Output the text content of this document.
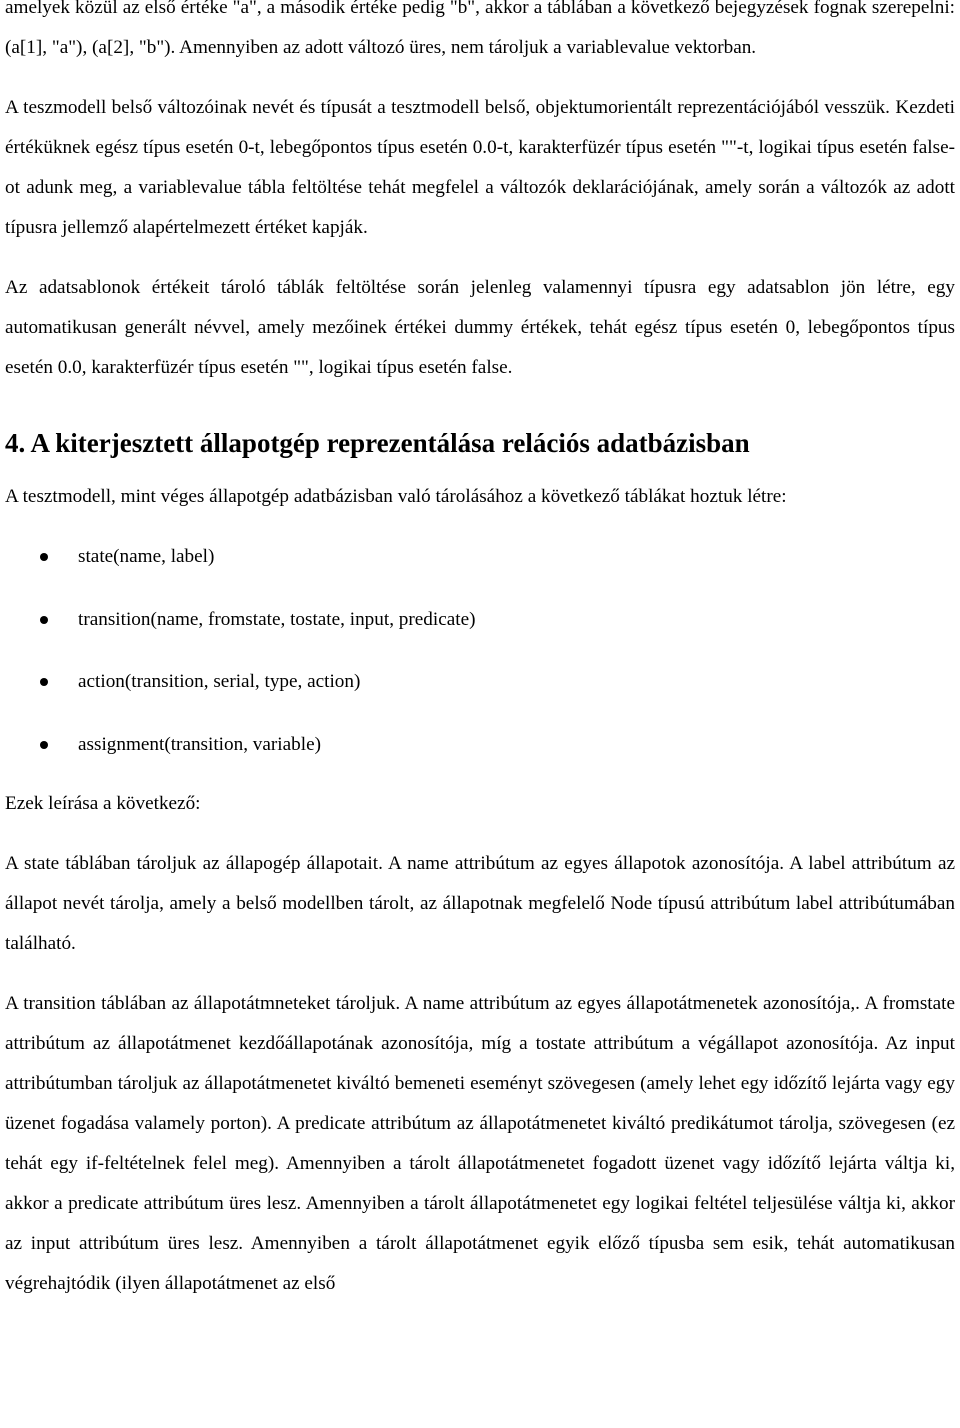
amelyek közül az első értéke "a", a második értéke pedig "b", akkor a táblában a következő bejegyzések fognak szerepelni: (a[1], "a"), (a[2], "b"). Amennyiben az adott változó üres, nem tároljuk a variablevalue vektorban.

A teszmodell belső változóinak nevét és típusát a tesztmodell belső, objektumorientált reprezentációjából vesszük. Kezdeti értéküknek egész típus esetén 0-t, lebegőpontos típus esetén 0.0-t, karakterfüzér típus esetén ""-t, logikai típus esetén false-ot adunk meg, a variablevalue tábla feltöltése tehát megfelel a változók deklarációjának, amely során a változók az adott típusra jellemző alapértelmezett értéket kapják.

Az adatsablonok értékeit tároló táblák feltöltése során jelenleg valamennyi típusra egy adatsablon jön létre, egy automatikusan generált névvel, amely mezőinek értékei dummy értékek, tehát egész típus esetén 0, lebegőpontos típus esetén 0.0, karakterfüzér típus esetén "", logikai típus esetén false.

4. A kiterjesztett állapotgép reprezentálása relációs adatbázisban

A tesztmodell, mint véges állapotgép adatbázisban való tárolásához a következő táblákat hoztuk létre:

state(name, label)
transition(name, fromstate, tostate, input, predicate)
action(transition, serial, type, action)
assignment(transition, variable)

Ezek leírása a következő:

A state táblában tároljuk az állapogép állapotait. A name attribútum az egyes állapotok azonosítója. A label attribútum az állapot nevét tárolja, amely a belső modellben tárolt, az állapotnak megfelelő Node típusú attribútum label attribútumában található.

A transition táblában az állapotátmneteket tároljuk. A name attribútum az egyes állapotátmenetek azonosítója,. A fromstate attribútum az állapotátmenet kezdőállapotának azonosítója, míg a tostate attribútum a végállapot azonosítója. Az input attribútumban tároljuk az állapotátmenetet kiváltó bemeneti eseményt szövegesen (amely lehet egy időzítő lejárta vagy egy üzenet fogadása valamely porton). A predicate attribútum az állapotátmenetet kiváltó predikátumot tárolja, szövegesen (ez tehát egy if-feltételnek felel meg). Amennyiben a tárolt állapotátmenetet fogadott üzenet vagy időzítő lejárta váltja ki, akkor a predicate attribútum üres lesz. Amennyiben a tárolt állapotátmenetet egy logikai feltétel teljesülése váltja ki, akkor az input attribútum üres lesz. Amennyiben a tárolt állapotátmenet egyik előző típusba sem esik, tehát automatikusan végrehajtódik (ilyen állapotátmenet az első
